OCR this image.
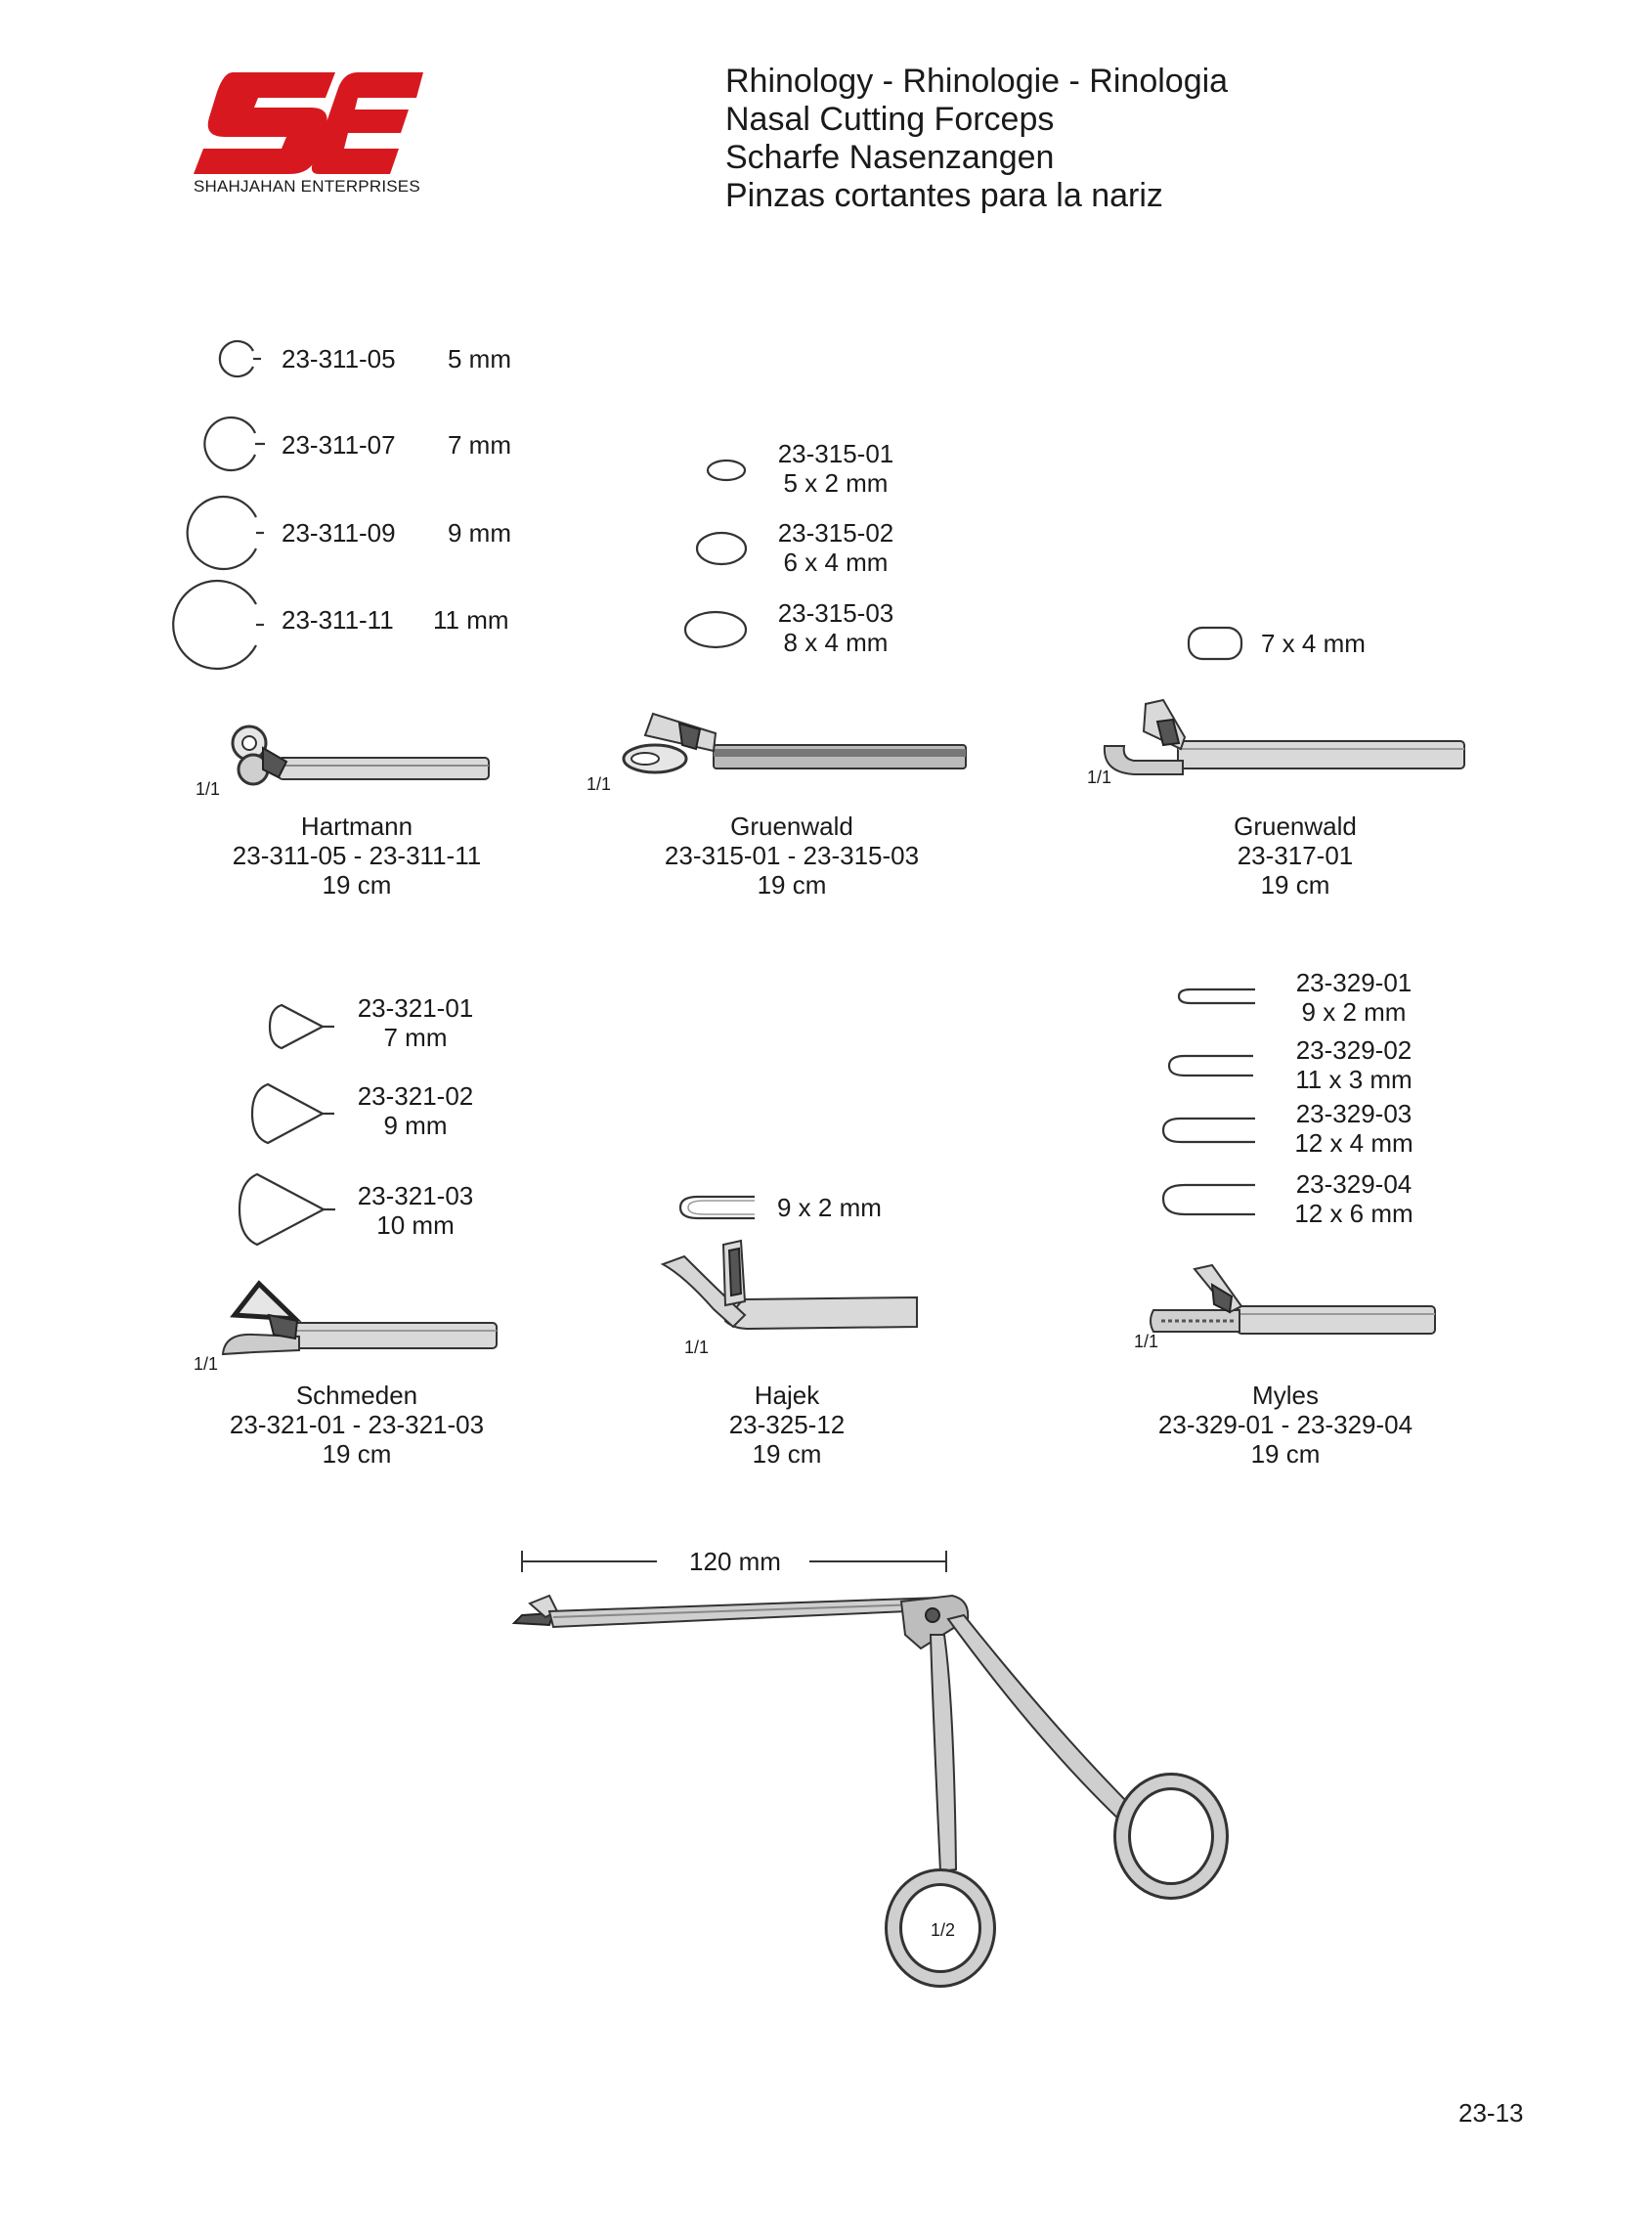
SHAHJAHAN ENTERPRISES
Rhinology - Rhinologie - Rinologia
Nasal Cutting Forceps
Scharfe Nasenzangen
Pinzas cortantes para la nariz
23-311-05 5 mm
23-311-07 7 mm
23-311-09 9 mm
23-311-11 11 mm
1/1
Hartmann
23-311-05 - 23-311-11
19 cm
23-315-01
5 x 2 mm
23-315-02
6 x 4 mm
23-315-03
8 x 4 mm
1/1
Gruenwald
23-315-01 - 23-315-03
19 cm
7 x 4 mm
1/1
Gruenwald
23-317-01
19 cm
23-321-01
7 mm
23-321-02
9 mm
23-321-03
10 mm
1/1
Schmeden
23-321-01 - 23-321-03
19 cm
9 x 2 mm
1/1
Hajek
23-325-12
19 cm
23-329-01
9 x 2 mm
23-329-02
11 x 3 mm
23-329-03
12 x 4 mm
23-329-04
12 x 6 mm
1/1
Myles
23-329-01 - 23-329-04
19 cm
120 mm
1/2
23-13
